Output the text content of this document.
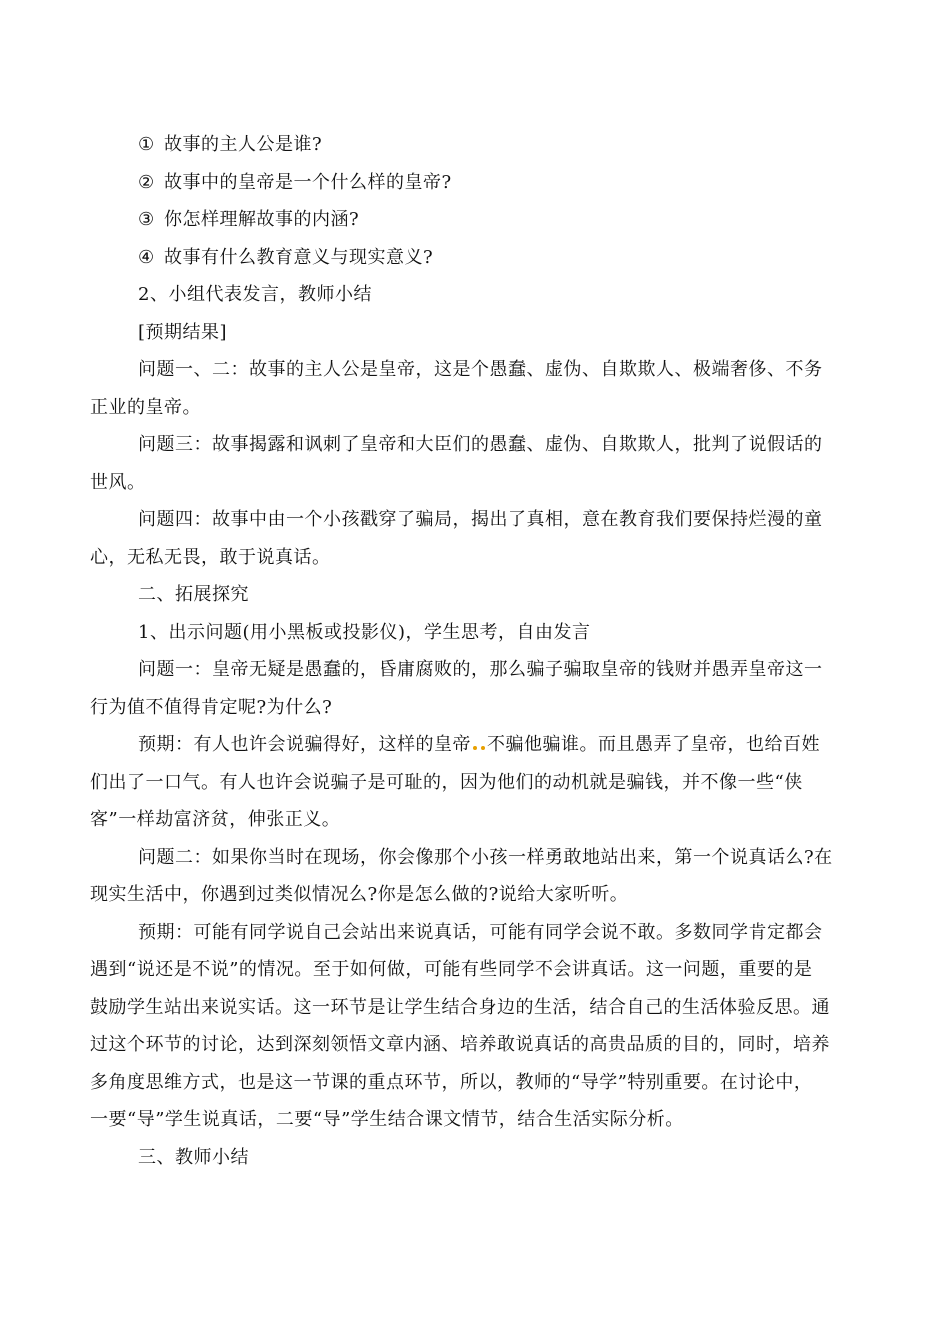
① 故事的主人公是谁?
② 故事中的皇帝是一个什么样的皇帝?
③ 你怎样理解故事的内涵?
④ 故事有什么教育意义与现实意义?
2、小组代表发言，教师小结
[预期结果]
问题一、二：故事的主人公是皇帝，这是个愚蠢、虚伪、自欺欺人、极端奢侈、不务
正业的皇帝。
问题三：故事揭露和讽刺了皇帝和大臣们的愚蠢、虚伪、自欺欺人，批判了说假话的
世风。
问题四：故事中由一个小孩戳穿了骗局，揭出了真相，意在教育我们要保持烂漫的童
心，无私无畏，敢于说真话。
二、拓展探究
1、出示问题(用小黑板或投影仪)，学生思考，自由发言
问题一：皇帝无疑是愚蠢的，昏庸腐败的，那么骗子骗取皇帝的钱财并愚弄皇帝这一
行为值不值得肯定呢?为什么?
预期：有人也许会说骗得好，这样的皇帝 不骗他骗谁。而且愚弄了皇帝，也给百姓
们出了一口气。有人也许会说骗子是可耻的，因为他们的动机就是骗钱，并不像一些“侠
客”一样劫富济贫，伸张正义。
问题二：如果你当时在现场，你会像那个小孩一样勇敢地站出来，第一个说真话么?在
现实生活中，你遇到过类似情况么?你是怎么做的?说给大家听听。
预期：可能有同学说自己会站出来说真话，可能有同学会说不敢。多数同学肯定都会
遇到“说还是不说”的情况。至于如何做，可能有些同学不会讲真话。这一问题，重要的是
鼓励学生站出来说实话。这一环节是让学生结合身边的生活，结合自己的生活体验反思。通
过这个环节的讨论，达到深刻领悟文章内涵、培养敢说真话的高贵品质的目的，同时，培养
多角度思维方式，也是这一节课的重点环节，所以，教师的“导学”特别重要。在讨论中，
一要“导”学生说真话，二要“导”学生结合课文情节，结合生活实际分析。
三、教师小结
